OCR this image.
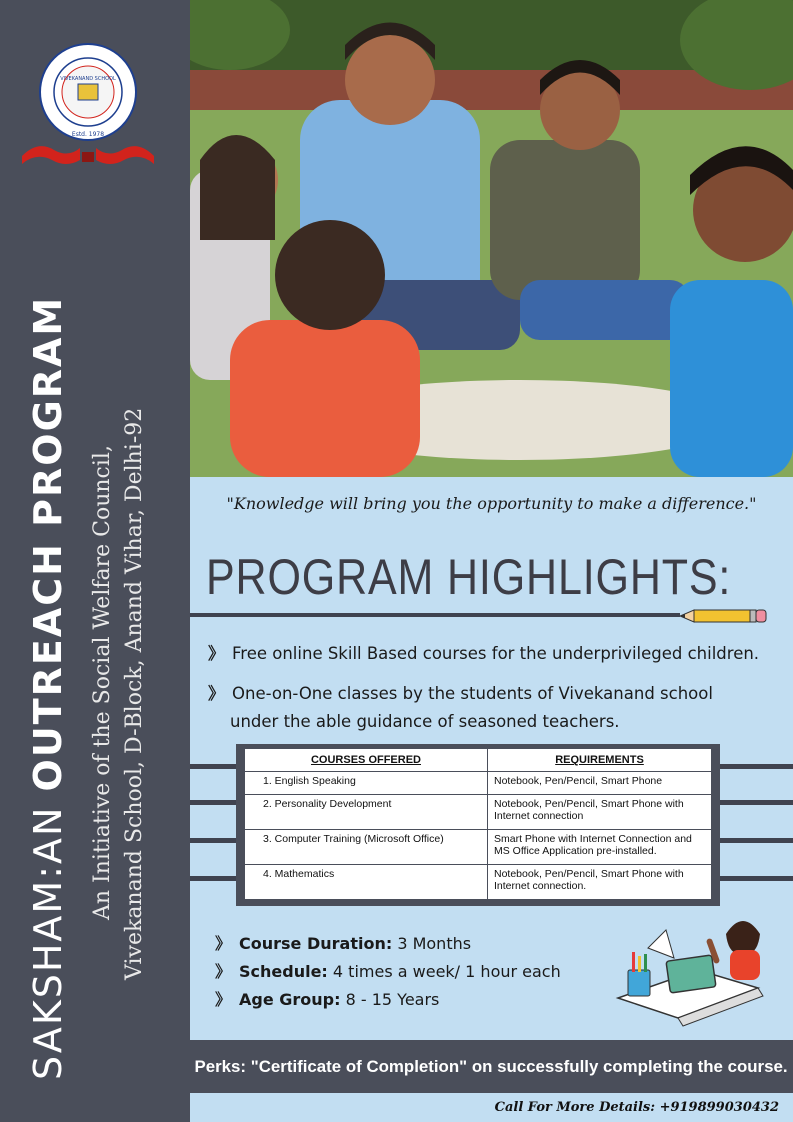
VIVEKANAND SCHOOL
Estd. 1978
SAKSHAM:AN OUTREACH PROGRAM An Initiative of the Social Welfare Council, Vivekanand School, D-Block, Anand Vihar, Delhi-92	"Knowledge will bring you the opportunity to make a difference."
PROGRAM HIGHLIGHTS:
》 Free online Skill Based courses for the underprivileged children.
》 One-on-One classes by the students of Vivekanand school
under the able guidance of seasoned teachers.
COURSES OFFERED	REQUIREMENTS
1. English Speaking	Notebook, Pen/Pencil, Smart Phone
2. Personality Development	Notebook, Pen/Pencil, Smart Phone with Internet connection
3. Computer Training (Microsoft Office)	Smart Phone with Internet Connection and MS Office Application pre-installed.
4. Mathematics	Notebook, Pen/Pencil, Smart Phone with Internet connection.
》 Course Duration: 3 Months
》 Schedule: 4 times a week/ 1 hour each
》 Age Group: 8 - 15 Years
Perks: "Certificate of Completion" on successfully completing the course.
Call For More Details: +919899030432
